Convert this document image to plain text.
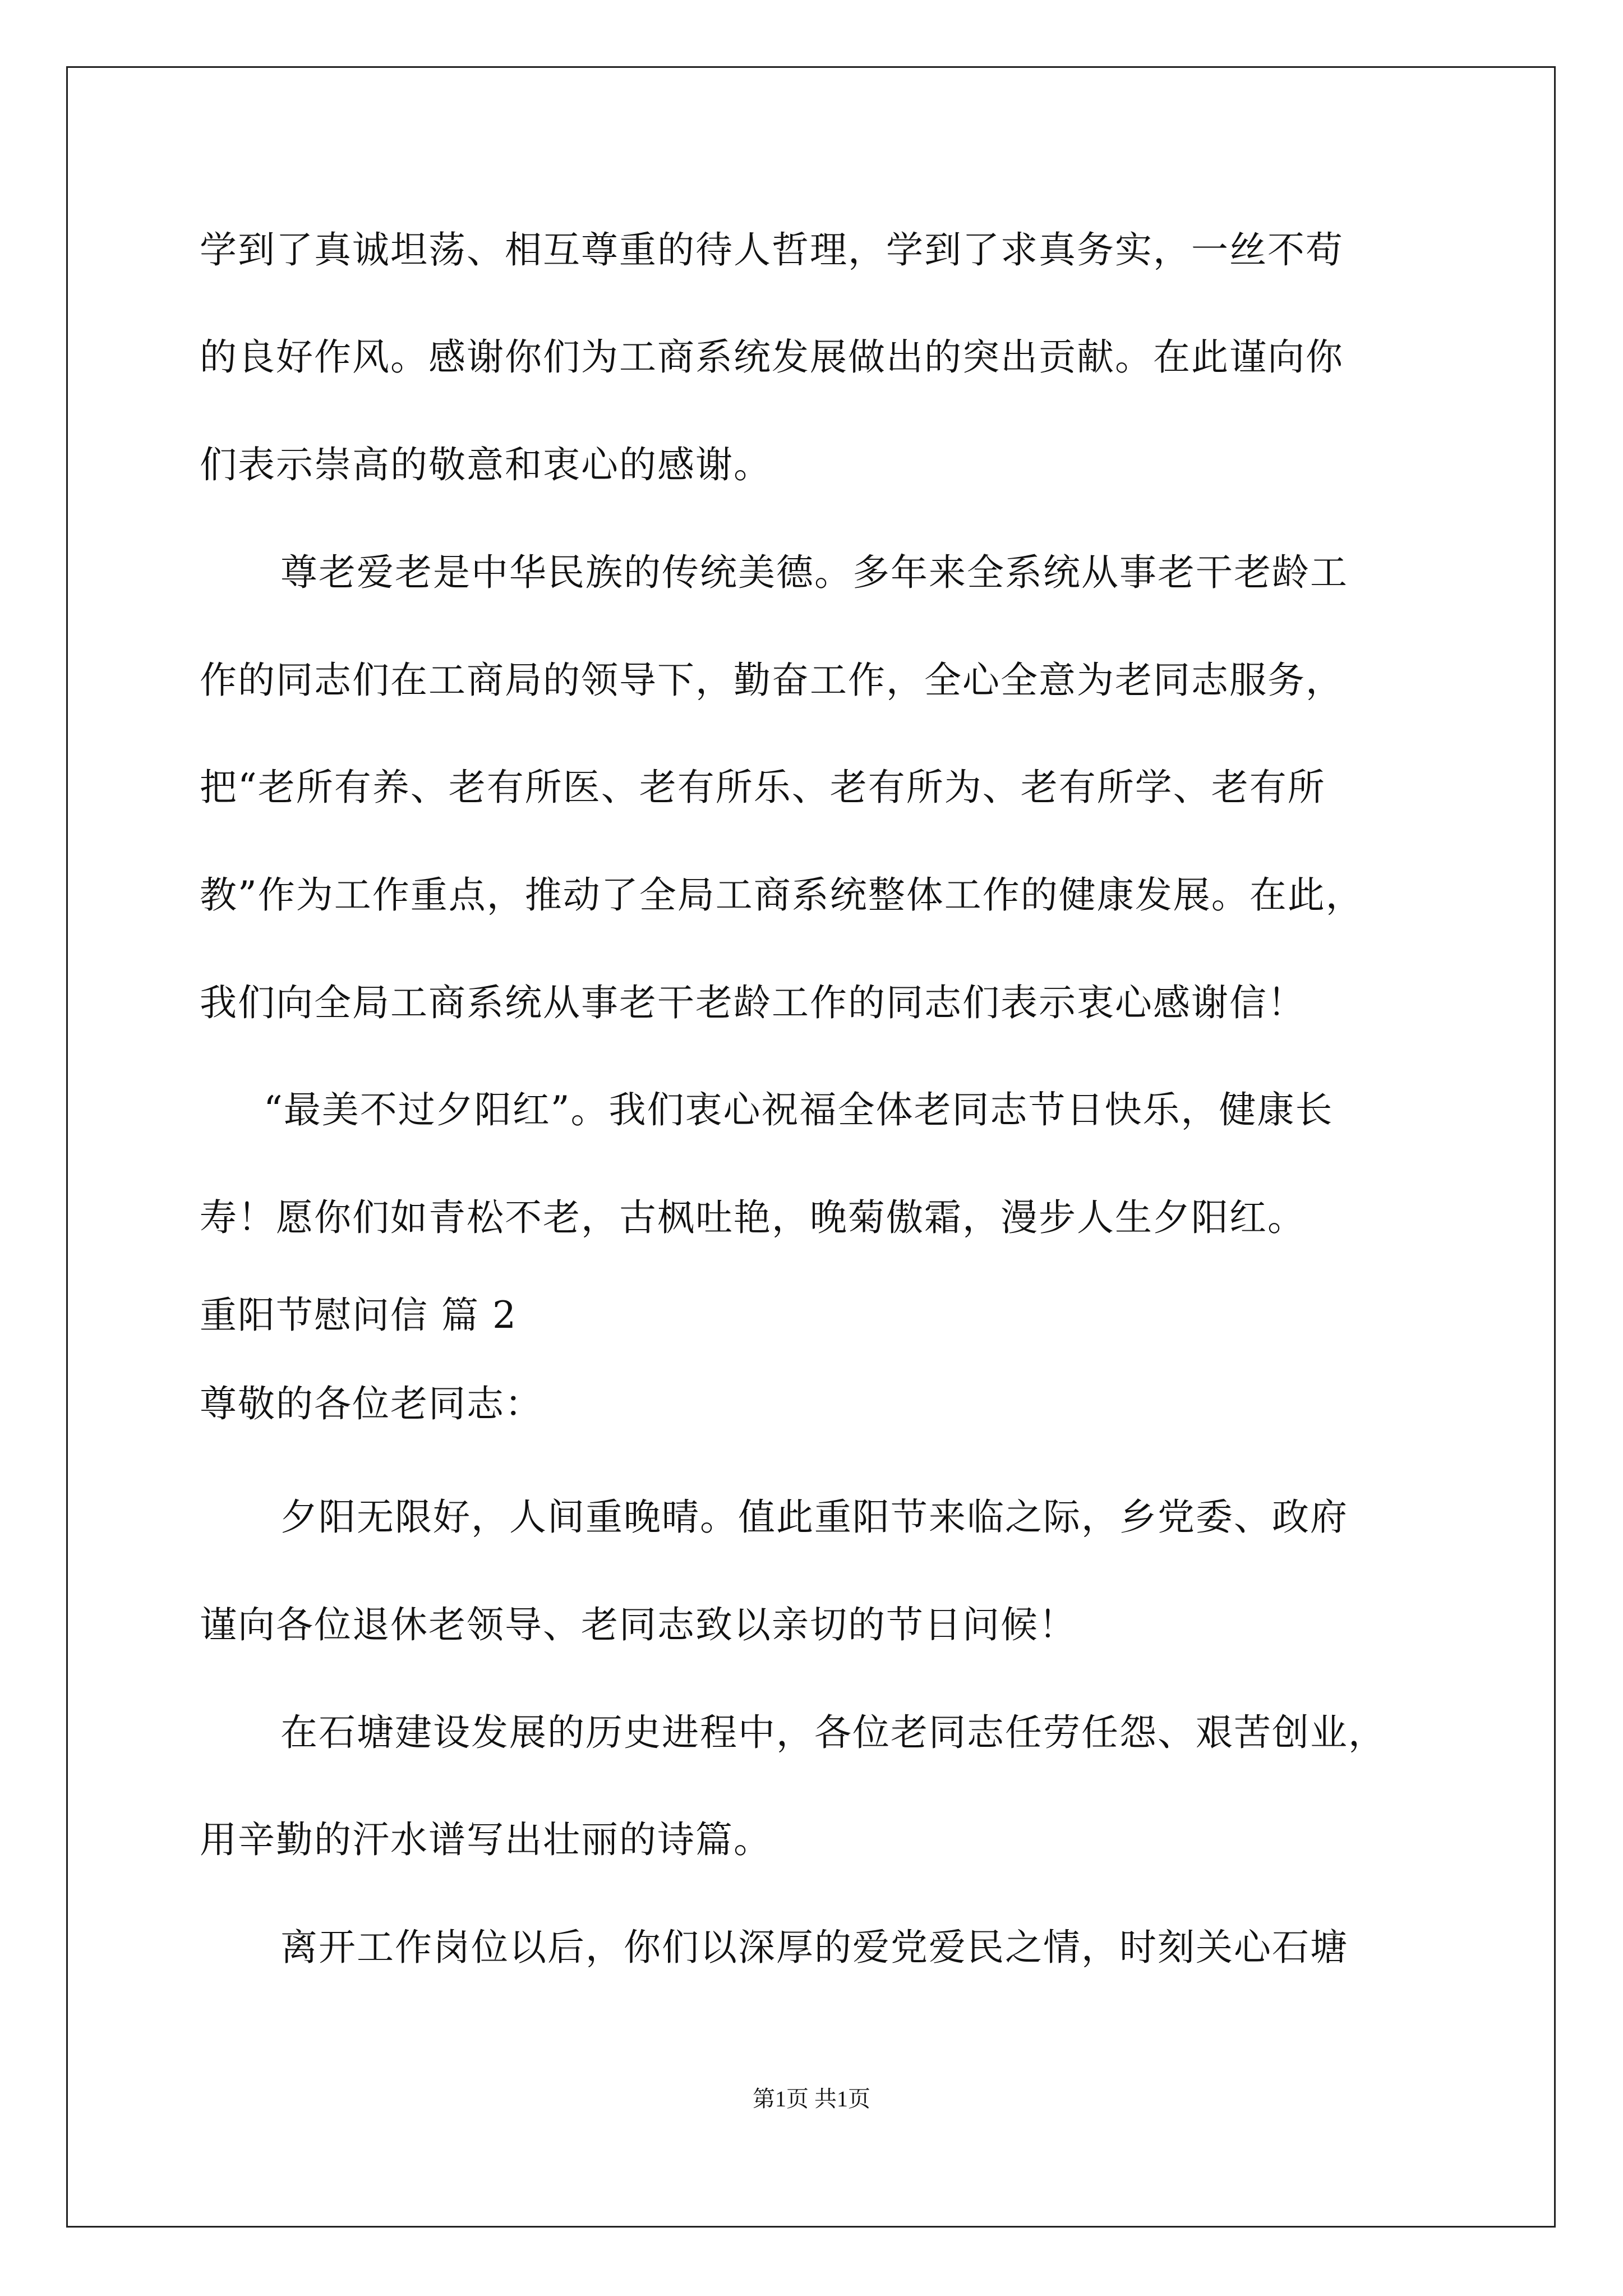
学到了真诚坦荡、相互尊重的待人哲理，学到了求真务实，一丝不苟
的良好作风。感谢你们为工商系统发展做出的突出贡献。在此谨向你
们表示崇高的敬意和衷心的感谢。
尊老爱老是中华民族的传统美德。多年来全系统从事老干老龄工
作的同志们在工商局的领导下，勤奋工作，全心全意为老同志服务，
把“老所有养、老有所医、老有所乐、老有所为、老有所学、老有所
教”作为工作重点，推动了全局工商系统整体工作的健康发展。在此，
我们向全局工商系统从事老干老龄工作的同志们表示衷心感谢信！
“最美不过夕阳红”。我们衷心祝福全体老同志节日快乐，健康长
寿！愿你们如青松不老，古枫吐艳，晚菊傲霜，漫步人生夕阳红。
重阳节慰问信 篇 2
尊敬的各位老同志：
夕阳无限好，人间重晚晴。值此重阳节来临之际，乡党委、政府
谨向各位退休老领导、老同志致以亲切的节日问候！
在石塘建设发展的历史进程中，各位老同志任劳任怨、艰苦创业，
用辛勤的汗水谱写出壮丽的诗篇。
离开工作岗位以后，你们以深厚的爱党爱民之情，时刻关心石塘
第1页 共1页
